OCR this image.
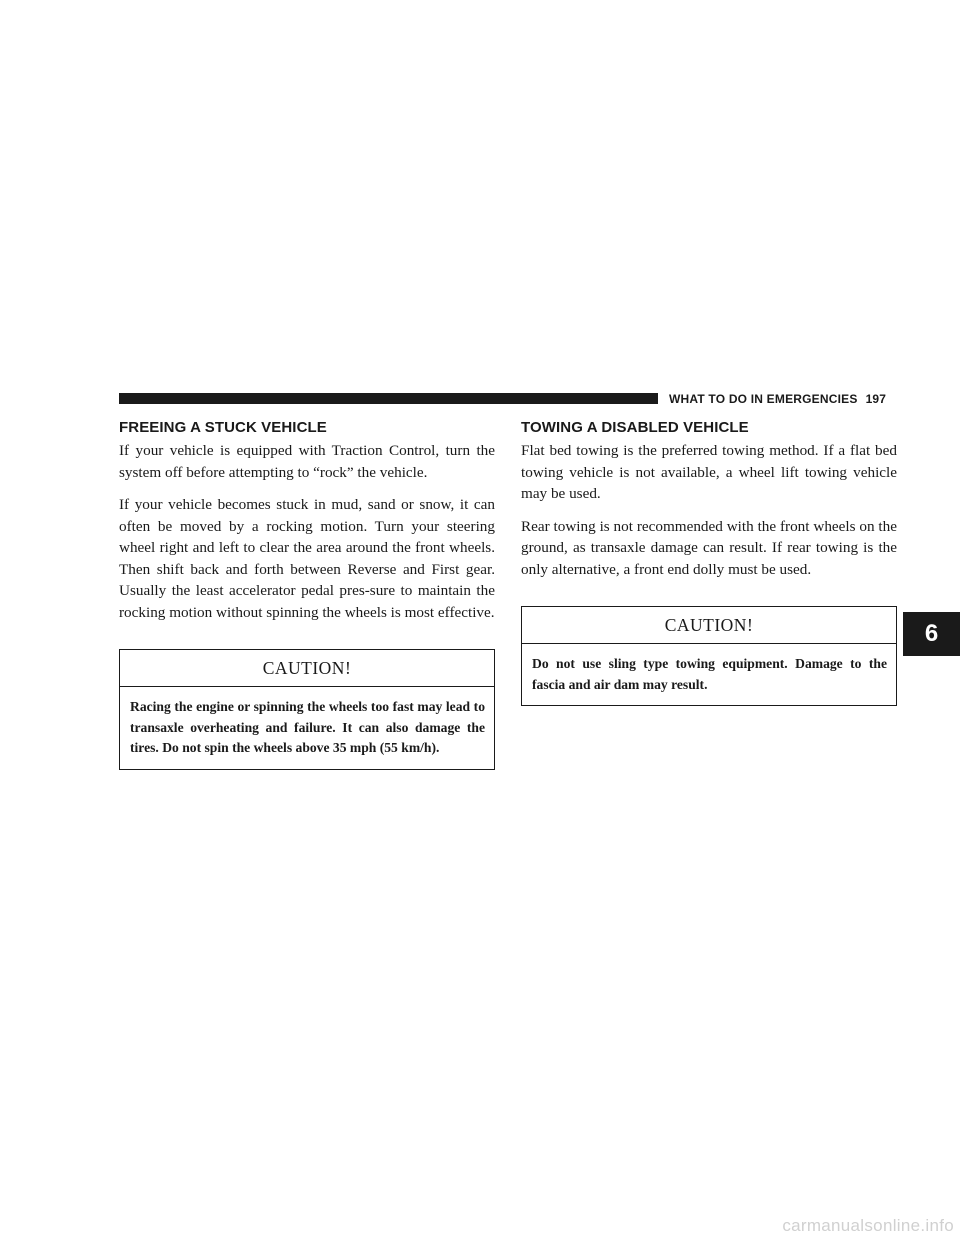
WHAT TO DO IN EMERGENCIES 197
FREEING A STUCK VEHICLE

If your vehicle is equipped with Traction Control, turn the system off before attempting to “rock” the vehicle.

If your vehicle becomes stuck in mud, sand or snow, it can often be moved by a rocking motion. Turn your steering wheel right and left to clear the area around the front wheels. Then shift back and forth between Reverse and First gear. Usually the least accelerator pedal pres-sure to maintain the rocking motion without spinning the wheels is most effective.

CAUTION!
Racing the engine or spinning the wheels too fast may lead to transaxle overheating and failure. It can also damage the tires. Do not spin the wheels above 35 mph (55 km/h).
TOWING A DISABLED VEHICLE

Flat bed towing is the preferred towing method. If a flat bed towing vehicle is not available, a wheel lift towing vehicle may be used.

Rear towing is not recommended with the front wheels on the ground, as transaxle damage can result. If rear towing is the only alternative, a front end dolly must be used.

CAUTION!
Do not use sling type towing equipment. Damage to the fascia and air dam may result.
6
carmanualsonline.info
